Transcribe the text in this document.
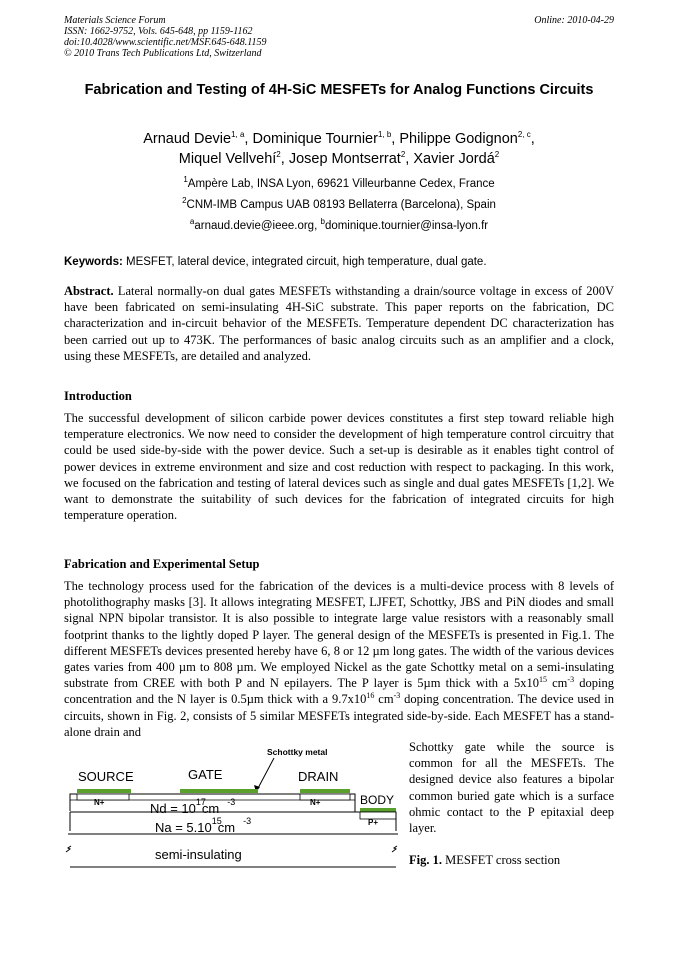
Materials Science Forum
ISSN: 1662-9752, Vols. 645-648, pp 1159-1162
doi:10.4028/www.scientific.net/MSF.645-648.1159
© 2010 Trans Tech Publications Ltd, Switzerland
Online: 2010-04-29
Fabrication and Testing of 4H-SiC MESFETs for Analog Functions Circuits
Arnaud Devie$^{1, a}$, Dominique Tournier$^{1, b}$, Philippe Godignon$^{2, c}$,
Miquel Vellvehí$^2$, Josep Montserrat$^2$, Xavier Jordá$^2$
$^1$Ampère Lab, INSA Lyon, 69621 Villeurbanne Cedex, France
$^2$CNM-IMB Campus UAB 08193 Bellaterra (Barcelona), Spain
$^a$arnaud.devie@ieee.org, $^b$dominique.tournier@insa-lyon.fr
Keywords: MESFET, lateral device, integrated circuit, high temperature, dual gate.
Abstract. Lateral normally-on dual gates MESFETs withstanding a drain/source voltage in excess of 200V have been fabricated on semi-insulating 4H-SiC substrate. This paper reports on the fabrication, DC characterization and in-circuit behavior of the MESFETs. Temperature dependent DC characterization has been carried out up to 473K. The performances of basic analog circuits such as an amplifier and a clock, using these MESFETs, are detailed and analyzed.
Introduction
The successful development of silicon carbide power devices constitutes a first step toward reliable high temperature electronics. We now need to consider the development of high temperature control circuitry that could be used side-by-side with the power device. Such a set-up is desirable as it enables tight control of power devices in extreme environment and size and cost reduction with respect to packaging. In this work, we focused on the fabrication and testing of lateral devices such as single and dual gates MESFETs [1,2]. We want to demonstrate the suitability of such devices for the fabrication of integrated circuits for high temperature operation.
Fabrication and Experimental Setup
The technology process used for the fabrication of the devices is a multi-device process with 8 levels of photolithography masks [3]. It allows integrating MESFET, LJFET, Schottky, JBS and PiN diodes and small signal NPN bipolar transistor. It is also possible to integrate large value resistors with a reasonably small footprint thanks to the lightly doped P layer. The general design of the MESFETs is presented in Fig.1. The different MESFETs devices presented hereby have 6, 8 or 12 µm long gates. The width of the various devices gates varies from 400 µm to 808 µm. We employed Nickel as the gate Schottky metal on a semi-insulating substrate from CREE with both P and N epilayers. The P layer is 5µm thick with a $5x10^{15}$ $cm^{-3}$ doping concentration and the N layer is 0.5µm thick with a $9.7x10^{16}$ $cm^{-3}$ doping concentration. The device used in circuits, shown in Fig. 2, consists of 5 similar MESFETs integrated side-by-side. Each MESFET has a stand-alone drain and
Schottky gate while the source is common for all the MESFETs. The designed device also features a bipolar common buried gate which is a surface ohmic contact to the P epitaxial deep layer.
Schottky metal
SOURCE	GATE	DRAIN
N+	N+
$Nd = 10^{17}cm$ $^{-3}$	BODY
P+
$Na = 5.10^{15}cm$ $^{-3}$
semi-insulating	Fig. 1. MESFET cross section
